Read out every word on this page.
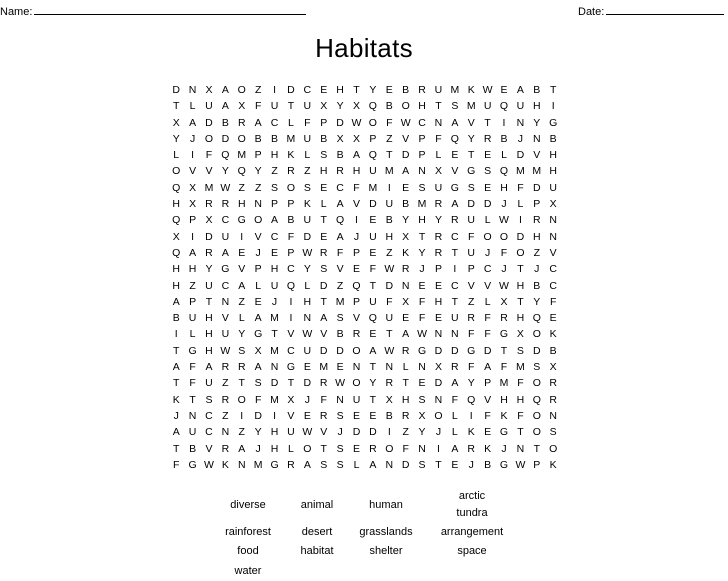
Name:	Date:
Habitats
D N X A O Z	I	D C E H T Y E B R U M K W E A B T
T L U A X F U T U X Y X Q B O H T S M U Q U H	I
X A D B R A C L F P D W O F W C N A V T	I	N Y G
Y J O D O B B M U B X X P Z V P F Q Y R B J N B
L	I	F Q M P H K L S B A Q T D P L E T E L D V H
O V V Y Q Y Z R Z H R H U M A N X V G S Q M M H
Q X M W Z Z S O S E C F M	I	E S U G S E H F D U
H X R R H N P P K L A V D U B M R A D D J	L P X
Q P X C G O A B U T Q	I	E B Y H Y R U L W I	R N
X	I	D U	I	V C F D E A J U H X T R C F O O D H N
Q A R A E J E P W R F P E Z K Y R T U J	F O Z V
H H Y G V P H C Y S V E F W R J P	I	P C J	T	J C
H Z U C A L U Q L D Z Q T D N E E C V V W H B C
A P T N Z E J	I	H T M P U F X F H T Z L X T Y F
B U H V L A M	I	N A S V Q U E F E U R F R H Q E
I	L H U Y G T V W V B R E T A W N N F F G X O K
T G H W S X M C U D D O A W R G D D G D T S D B
A F A R R A N G E M E N T N L N X R F A F M S X
T F U Z T S D T D R W O Y R T E D A Y P M F O R
K T S R O F M X J	F N U T X H S N F Q V H H Q R
J N C Z	I	D	I	V E R S E E B R X O L	I	F K F O N
A U C N Z Y H U W V J D D	I	Z Y J	L K E G T O S
T B V R A J H L O T S E R O F N	I	A R K J N T O
F G W K N M G R A S S L A N D S T E J B G W P K
diverse	animal	human
arctic
tundra
rainforest	desert grasslands	arrangement
food	habitat	shelter	space
water
